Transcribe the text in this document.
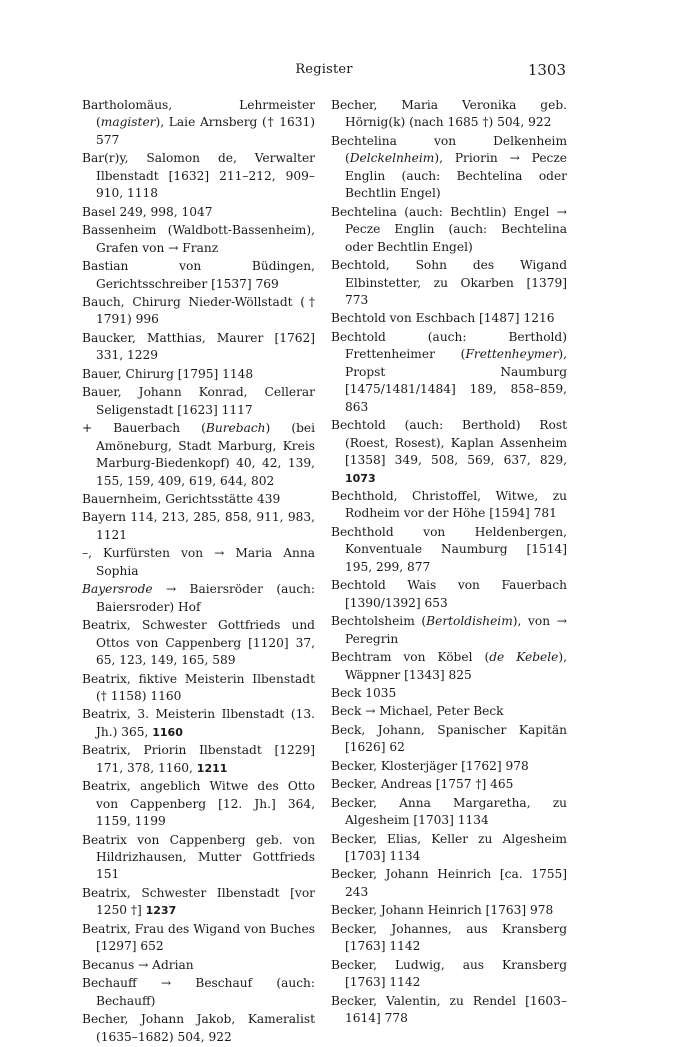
Register	1303
Bartholomäus, Lehrmeister (magister), Laie Arnsberg († 1631) 577
Bar(r)y, Salomon de, Verwalter Ilbenstadt [1632] 211–212, 909–910, 1118
Basel 249, 998, 1047
Bassenheim (Waldbott-Bassenheim), Grafen von → Franz
Bastian von Büdingen, Gerichtsschreiber [1537] 769
Bauch, Chirurg Nieder-Wöllstadt († 1791) 996
Baucker, Matthias, Maurer [1762] 331, 1229
Bauer, Chirurg [1795] 1148
Bauer, Johann Konrad, Cellerar Seligenstadt [1623] 1117
+ Bauerbach (Burebach) (bei Amöneburg, Stadt Marburg, Kreis Marburg-Biedenkopf) 40, 42, 139, 155, 159, 409, 619, 644, 802
Bauernheim, Gerichtsstätte 439
Bayern 114, 213, 285, 858, 911, 983, 1121
–, Kurfürsten von → Maria Anna Sophia
Bayersrode → Baiersröder (auch: Baiersroder) Hof
Beatrix, Schwester Gottfrieds und Ottos von Cappenberg [1120] 37, 65, 123, 149, 165, 589
Beatrix, fiktive Meisterin Ilbenstadt († 1158) 1160
Beatrix, 3. Meisterin Ilbenstadt (13. Jh.) 365, 1160
Beatrix, Priorin Ilbenstadt [1229] 171, 378, 1160, 1211
Beatrix, angeblich Witwe des Otto von Cappenberg [12. Jh.] 364, 1159, 1199
Beatrix von Cappenberg geb. von Hildrizhausen, Mutter Gottfrieds 151
Beatrix, Schwester Ilbenstadt [vor 1250 †] 1237
Beatrix, Frau des Wigand von Buches [1297] 652
Becanus → Adrian
Bechauff → Beschauf (auch: Bechauff)
Becher, Johann Jakob, Kameralist (1635–1682) 504, 922
Becher, Maria Veronika geb. Hörnig(k) (nach 1685 †) 504, 922
Bechtelina von Delkenheim (Delckelnheim), Priorin → Pecze Englin (auch: Bechtelina oder Bechtlin Engel)
Bechtelina (auch: Bechtlin) Engel → Pecze Englin (auch: Bechtelina oder Bechtlin Engel)
Bechtold, Sohn des Wigand Elbinstetter, zu Okarben [1379] 773
Bechtold von Eschbach [1487] 1216
Bechtold (auch: Berthold) Frettenheimer (Frettenheymer), Propst Naumburg [1475/1481/1484] 189, 858–859, 863
Bechtold (auch: Berthold) Rost (Roest, Rosest), Kaplan Assenheim [1358] 349, 508, 569, 637, 829, 1073
Bechthold, Christoffel, Witwe, zu Rodheim vor der Höhe [1594] 781
Bechthold von Heldenbergen, Konventuale Naumburg [1514] 195, 299, 877
Bechtold Wais von Fauerbach [1390/1392] 653
Bechtolsheim (Bertoldisheim), von → Peregrin
Bechtram von Köbel (de Kebele), Wäppner [1343] 825
Beck 1035
Beck → Michael, Peter Beck
Beck, Johann, Spanischer Kapitän [1626] 62
Becker, Klosterjäger [1762] 978
Becker, Andreas [1757 †] 465
Becker, Anna Margaretha, zu Algesheim [1703] 1134
Becker, Elias, Keller zu Algesheim [1703] 1134
Becker, Johann Heinrich [ca. 1755] 243
Becker, Johann Heinrich [1763] 978
Becker, Johannes, aus Kransberg [1763] 1142
Becker, Ludwig, aus Kransberg [1763] 1142
Becker, Valentin, zu Rendel [1603–1614] 778
